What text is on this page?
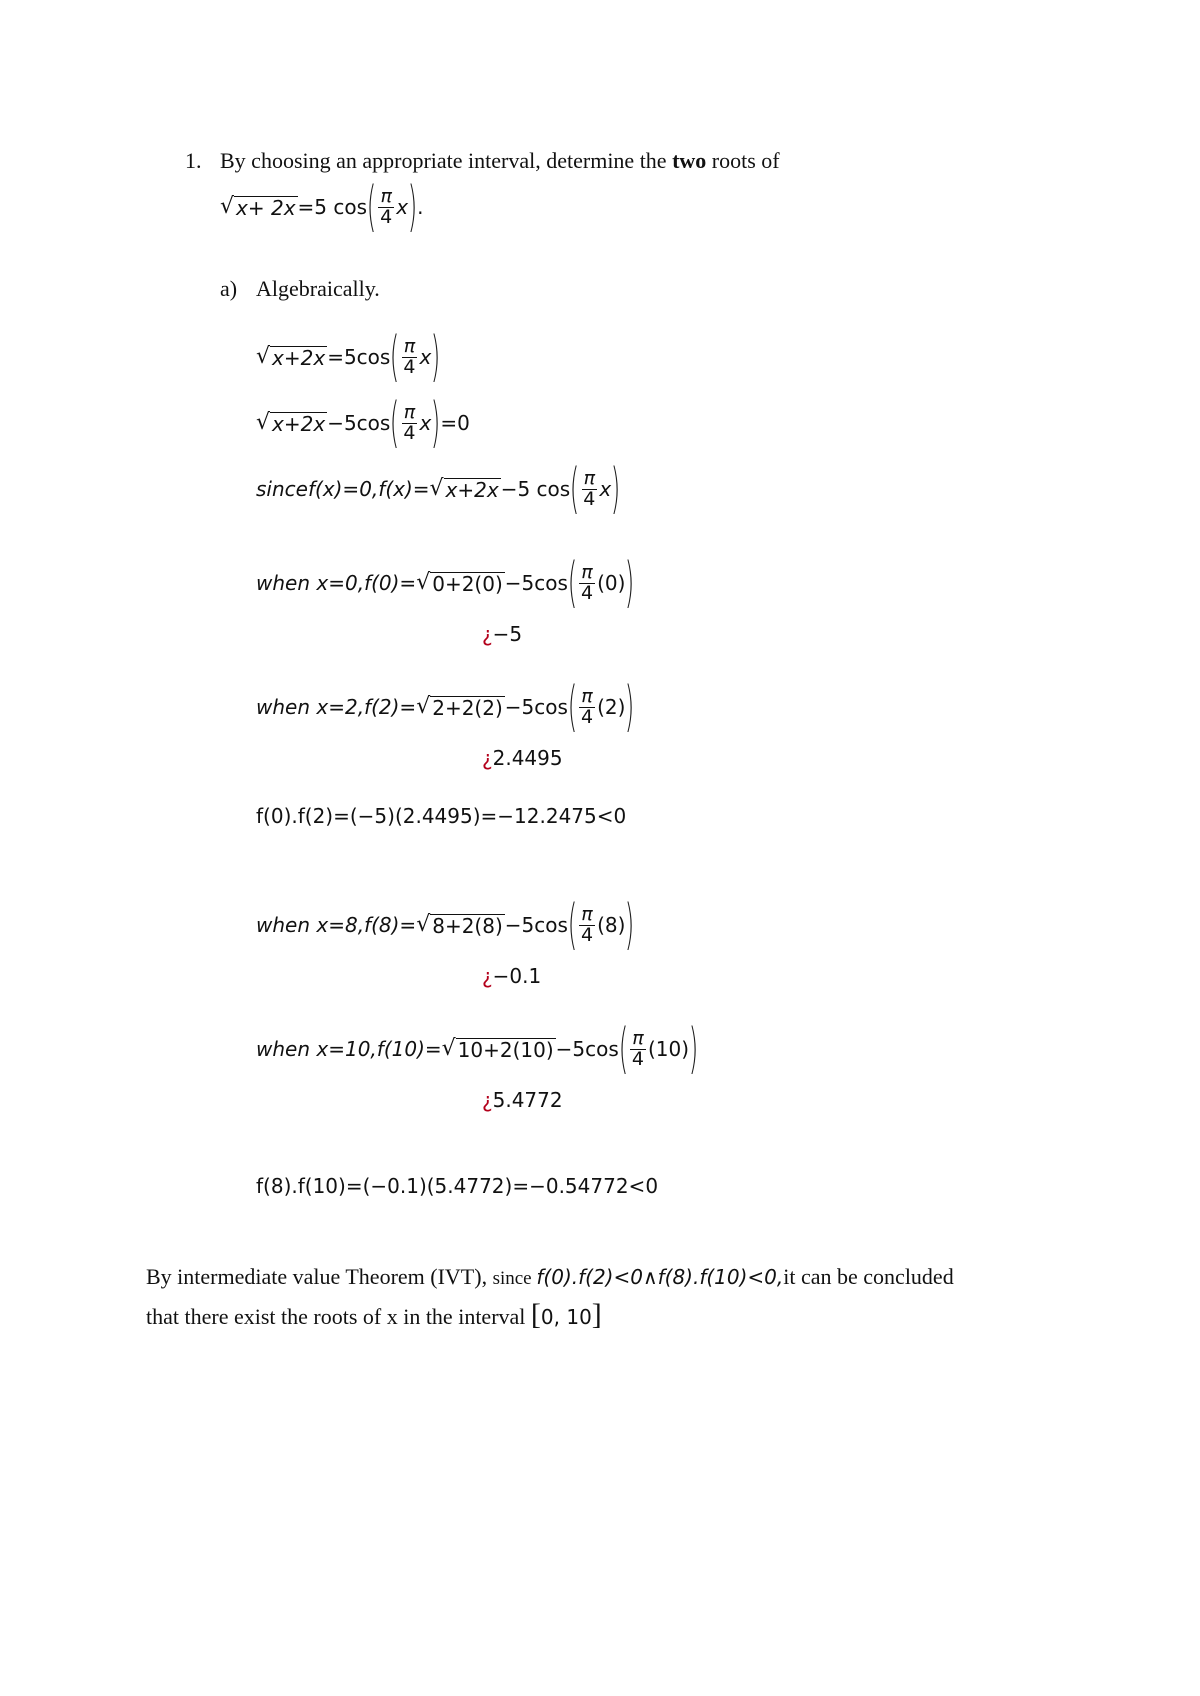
1. By choosing an appropriate interval, determine the two roots of
√ x+ 2x =5 cos ( $\frac{\pi}{4}$ x ) .
a) Algebraically.
√ x+2x =5cos ( $\frac{\pi}{4}$ x )
√ x+2x −5cos ( $\frac{\pi}{4}$ x ) =0
since f(x)=0,f(x)= √ x+2x −5 cos ( $\frac{\pi}{4}$ x )
when
x=0,f(0)= √ 0+2(0) −5cos ( $\frac{\pi}{4} (0)$ )
¿−5
when
x=2,f(2)= √ 2+2(2) −5cos ( $\frac{\pi}{4} (2)$ )
¿2.4495
f(0).f(2)=(−5)(2.4495)=−12.2475<0
when
x=8,f(8)= √ 8+2(8) −5cos ( $\frac{\pi}{4} (8)$ )
¿−0.1
when
x=10,f(10)= √ 10+2(10) −5cos ( $\frac{\pi}{4} (10)$ )
¿5.4772
f(8).f(10)=(−0.1)(5.4772)=−0.54772<0
By intermediate value Theorem (IVT), since f(0).f(2)<0∧f(8).f(10)<0,it can be concluded
that there exist the roots of x in the interval [0, 10]
